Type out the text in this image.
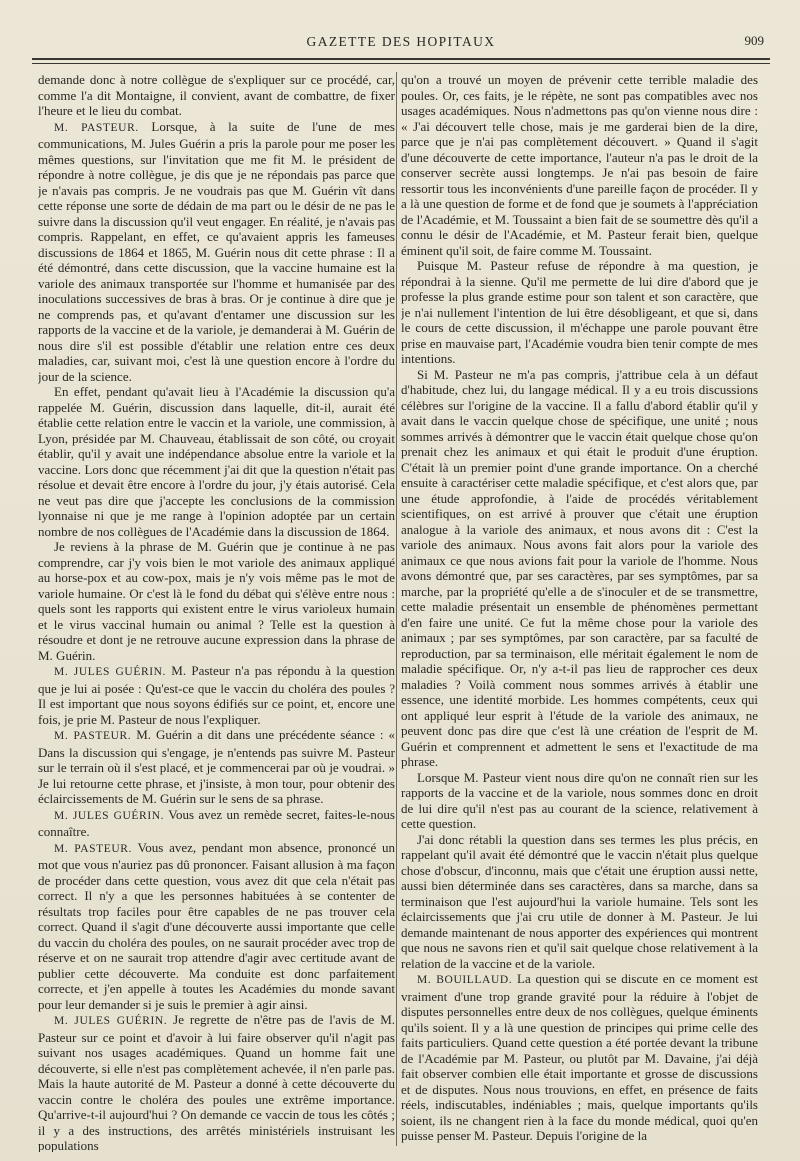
GAZETTE DES HOPITAUX	909

demande donc à notre collègue de s'expliquer sur ce procédé, car, comme l'a dit Montaigne, il convient, avant de combattre, de fixer l'heure et le lieu du combat.

M. PASTEUR. Lorsque, à la suite de l'une de mes communications, M. Jules Guérin a pris la parole pour me poser les mêmes questions, sur l'invitation que me fit M. le président de répondre à notre collègue, je dis que je ne répondais pas parce que je n'avais pas compris. Je ne voudrais pas que M. Guérin vît dans cette réponse une sorte de dédain de ma part ou le désir de ne pas le suivre dans la discussion qu'il veut engager. En réalité, je n'avais pas compris. Rappelant, en effet, ce qu'avaient appris les fameuses discussions de 1864 et 1865, M. Guérin nous dit cette phrase : Il a été démontré, dans cette discussion, que la vaccine humaine est la variole des animaux transportée sur l'homme et humanisée par des inoculations successives de bras à bras. Or je continue à dire que je ne comprends pas, et qu'avant d'entamer une discussion sur les rapports de la vaccine et de la variole, je demanderai à M. Guérin de nous dire s'il est possible d'établir une relation entre ces deux maladies, car, suivant moi, c'est là une question encore à l'ordre du jour de la science.

En effet, pendant qu'avait lieu à l'Académie la discussion qu'a rappelée M. Guérin, discussion dans laquelle, dit-il, aurait été établie cette relation entre le vaccin et la variole, une commission, à Lyon, présidée par M. Chauveau, établissait de son côté, ou croyait établir, qu'il y avait une indépendance absolue entre la variole et la vaccine. Lors donc que récemment j'ai dit que la question n'était pas résolue et devait être encore à l'ordre du jour, j'y étais autorisé. Cela ne veut pas dire que j'accepte les conclusions de la commission lyonnaise ni que je me range à l'opinion adoptée par un certain nombre de nos collègues de l'Académie dans la discussion de 1864.

Je reviens à la phrase de M. Guérin que je continue à ne pas comprendre, car j'y vois bien le mot variole des animaux appliqué au horse-pox et au cow-pox, mais je n'y vois même pas le mot de variole humaine. Or c'est là le fond du débat qui s'élève entre nous : quels sont les rapports qui existent entre le virus varioleux humain et le virus vaccinal humain ou animal ? Telle est la question à résoudre et dont je ne retrouve aucune expression dans la phrase de M. Guérin.

M. JULES GUÉRIN. M. Pasteur n'a pas répondu à la question que je lui ai posée : Qu'est-ce que le vaccin du choléra des poules ? Il est important que nous soyons édifiés sur ce point, et, encore une fois, je prie M. Pasteur de nous l'expliquer.

M. PASTEUR. M. Guérin a dit dans une précédente séance : « Dans la discussion qui s'engage, je n'entends pas suivre M. Pasteur sur le terrain où il s'est placé, et je commencerai par où je voudrai. » Je lui retourne cette phrase, et j'insiste, à mon tour, pour obtenir des éclaircissements de M. Guérin sur le sens de sa phrase.

M. JULES GUÉRIN. Vous avez un remède secret, faites-le-nous connaître.

M. PASTEUR. Vous avez, pendant mon absence, prononcé un mot que vous n'auriez pas dû prononcer. Faisant allusion à ma façon de procéder dans cette question, vous avez dit que cela n'était pas correct. Il n'y a que les personnes habituées à se contenter de résultats trop faciles pour être capables de ne pas trouver cela correct. Quand il s'agit d'une découverte aussi importante que celle du vaccin du choléra des poules, on ne saurait procéder avec trop de réserve et on ne saurait trop attendre d'agir avec certitude avant de publier cette découverte. Ma conduite est donc parfaitement correcte, et j'en appelle à toutes les Académies du monde savant pour leur demander si je suis le premier à agir ainsi.

M. JULES GUÉRIN. Je regrette de n'être pas de l'avis de M. Pasteur sur ce point et d'avoir à lui faire observer qu'il n'agit pas suivant nos usages académiques. Quand un homme fait une découverte, si elle n'est pas complètement achevée, il n'en parle pas. Mais la haute autorité de M. Pasteur a donné à cette découverte du vaccin contre le choléra des poules une extrême importance. Qu'arrive-t-il aujourd'hui ? On demande ce vaccin de tous les côtés ; il y a des instructions, des arrêtés ministériels instruisant les populations

qu'on a trouvé un moyen de prévenir cette terrible maladie des poules. Or, ces faits, je le répète, ne sont pas compatibles avec nos usages académiques. Nous n'admettons pas qu'on vienne nous dire : « J'ai découvert telle chose, mais je me garderai bien de la dire, parce que je n'ai pas complètement découvert. » Quand il s'agit d'une découverte de cette importance, l'auteur n'a pas le droit de la conserver secrète aussi longtemps. Je n'ai pas besoin de faire ressortir tous les inconvénients d'une pareille façon de procéder. Il y a là une question de forme et de fond que je soumets à l'appréciation de l'Académie, et M. Toussaint a bien fait de se soumettre dès qu'il a connu le désir de l'Académie, et M. Pasteur ferait bien, quelque éminent qu'il soit, de faire comme M. Toussaint.

Puisque M. Pasteur refuse de répondre à ma question, je répondrai à la sienne. Qu'il me permette de lui dire d'abord que je professe la plus grande estime pour son talent et son caractère, que je n'ai nullement l'intention de lui être désobligeant, et que si, dans le cours de cette discussion, il m'échappe une parole pouvant être prise en mauvaise part, l'Académie voudra bien tenir compte de mes intentions.

Si M. Pasteur ne m'a pas compris, j'attribue cela à un défaut d'habitude, chez lui, du langage médical. Il y a eu trois discussions célèbres sur l'origine de la vaccine. Il a fallu d'abord établir qu'il y avait dans le vaccin quelque chose de spécifique, une unité ; nous sommes arrivés à démontrer que le vaccin était quelque chose qu'on prenait chez les animaux et qui était le produit d'une éruption. C'était là un premier point d'une grande importance. On a cherché ensuite à caractériser cette maladie spécifique, et c'est alors que, par une étude approfondie, à l'aide de procédés véritablement scientifiques, on est arrivé à prouver que c'était une éruption analogue à la variole des animaux, et nous avons dit : C'est la variole des animaux. Nous avons fait alors pour la variole des animaux ce que nous avions fait pour la variole de l'homme. Nous avons démontré que, par ses caractères, par ses symptômes, par sa marche, par la propriété qu'elle a de s'inoculer et de se transmettre, cette maladie présentait un ensemble de phénomènes permettant d'en faire une unité. Ce fut la même chose pour la variole des animaux ; par ses symptômes, par son caractère, par sa faculté de reproduction, par sa terminaison, elle méritait également le nom de maladie spécifique. Or, n'y a-t-il pas lieu de rapprocher ces deux maladies ? Voilà comment nous sommes arrivés à établir une essence, une identité morbide. Les hommes compétents, ceux qui ont appliqué leur esprit à l'étude de la variole des animaux, ne peuvent donc pas dire que c'est là une création de l'esprit de M. Guérin et comprennent et admettent le sens et l'exactitude de ma phrase.

Lorsque M. Pasteur vient nous dire qu'on ne connaît rien sur les rapports de la vaccine et de la variole, nous sommes donc en droit de lui dire qu'il n'est pas au courant de la science, relativement à cette question.

J'ai donc rétabli la question dans ses termes les plus précis, en rappelant qu'il avait été démontré que le vaccin n'était plus quelque chose d'obscur, d'inconnu, mais que c'était une éruption aussi nette, aussi bien déterminée dans ses caractères, dans sa marche, dans sa terminaison que l'est aujourd'hui la variole humaine. Tels sont les éclaircissements que j'ai cru utile de donner à M. Pasteur. Je lui demande maintenant de nous apporter des expériences qui montrent que nous ne savons rien et qu'il sait quelque chose relativement à la relation de la vaccine et de la variole.

M. BOUILLAUD. La question qui se discute en ce moment est vraiment d'une trop grande gravité pour la réduire à l'objet de disputes personnelles entre deux de nos collègues, quelque éminents qu'ils soient. Il y a là une question de principes qui prime celle des faits particuliers. Quand cette question a été portée devant la tribune de l'Académie par M. Pasteur, ou plutôt par M. Davaine, j'ai déjà fait observer combien elle était importante et grosse de discussions et de disputes. Nous nous trouvions, en effet, en présence de faits réels, indiscutables, indéniables ; mais, quelque importants qu'ils soient, ils ne changent rien à la face du monde médical, quoi qu'en puisse penser M. Pasteur. Depuis l'origine de la
